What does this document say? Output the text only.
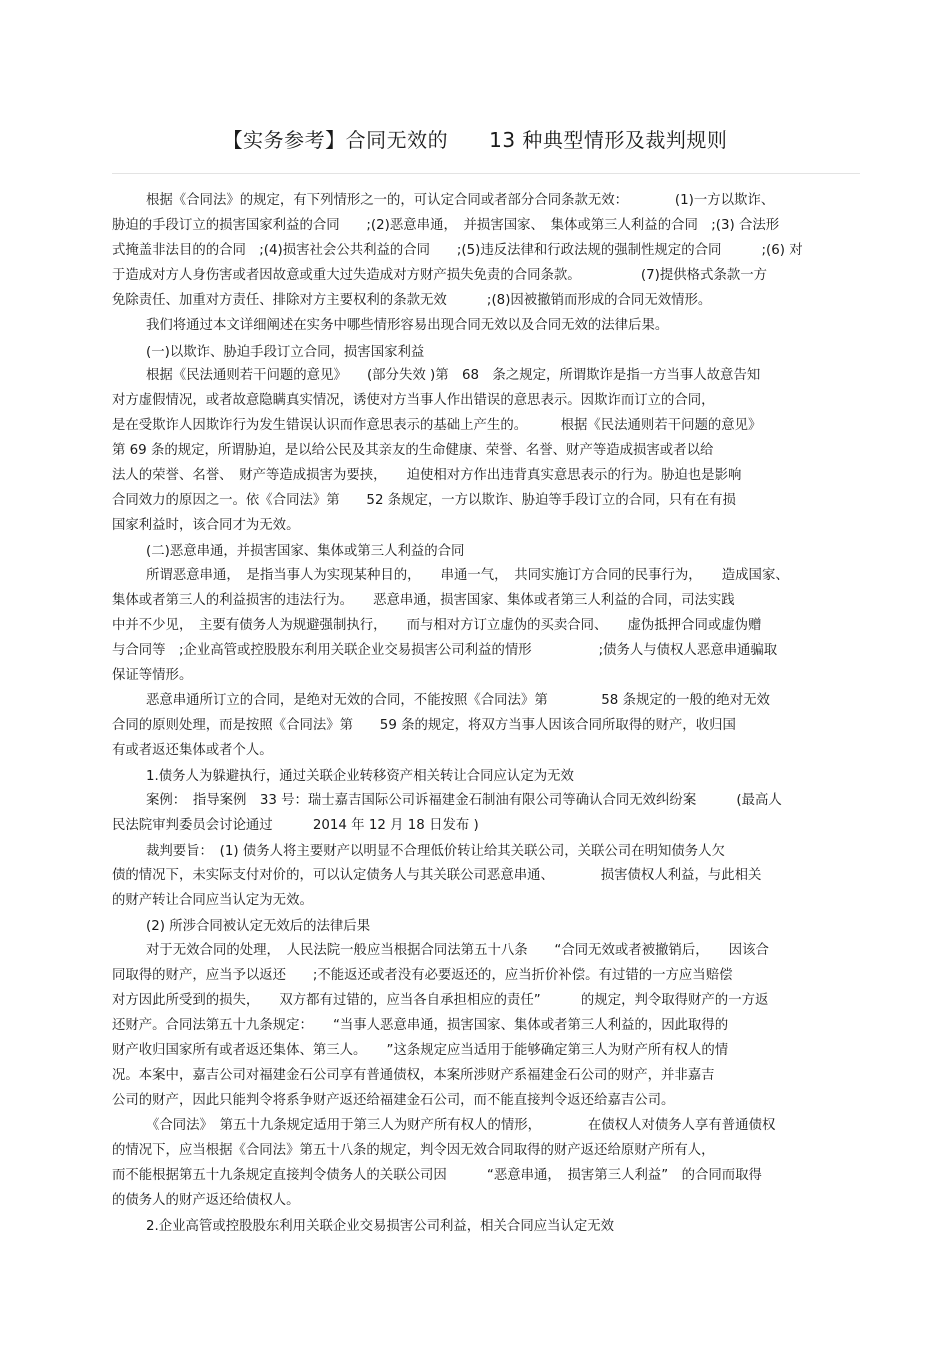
【实务参考】合同无效的　　13 种典型情形及裁判规则
根据《合同法》的规定，有下列情形之一的，可认定合同或者部分合同条款无效：　　　　(1)一方以欺诈、
胁迫的手段订立的损害国家利益的合同　　;(2)恶意串通，　并损害国家、　集体或第三人利益的合同　;(3) 合法形
式掩盖非法目的的合同　;(4)损害社会公共利益的合同　　;(5)违反法律和行政法规的强制性规定的合同　　　;(6) 对
于造成对方人身伤害或者因故意或重大过失造成对方财产损失免责的合同条款。　　　　　(7)提供格式条款一方
免除责任、加重对方责任、排除对方主要权利的条款无效　　　;(8)因被撤销而形成的合同无效情形。
我们将通过本文详细阐述在实务中哪些情形容易出现合同无效以及合同无效的法律后果。
(一)以欺诈、胁迫手段订立合同，损害国家利益
根据《民法通则若干问题的意见》　　(部分失效 )第　68　条之规定，所谓欺诈是指一方当事人故意告知
对方虚假情况，或者故意隐瞒真实情况，诱使对方当事人作出错误的意思表示。因欺诈而订立的合同，
是在受欺诈人因欺诈行为发生错误认识而作意思表示的基础上产生的。　　　根据《民法通则若干问题的意见》
第 69 条的规定，所谓胁迫，是以给公民及其亲友的生命健康、荣誉、名誉、财产等造成损害或者以给
法人的荣誉、名誉、　财产等造成损害为要挟，　　迫使相对方作出违背真实意思表示的行为。胁迫也是影响
合同效力的原因之一。依《合同法》第　　52 条规定，一方以欺诈、胁迫等手段订立的合同，只有在有损
国家利益时，该合同才为无效。
(二)恶意串通，并损害国家、集体或第三人利益的合同
所谓恶意串通，　是指当事人为实现某种目的，　　串通一气，　共同实施订方合同的民事行为，　　造成国家、
集体或者第三人的利益损害的违法行为。　　恶意串通，损害国家、集体或者第三人利益的合同，司法实践
中并不少见，　主要有债务人为规避强制执行，　　而与相对方订立虚伪的买卖合同、　　虚伪抵押合同或虚伪赠
与合同等　;企业高管或控股股东利用关联企业交易损害公司利益的情形　　　　　;债务人与债权人恶意串通骗取
保证等情形。
恶意串通所订立的合同，是绝对无效的合同，不能按照《合同法》第　　　　58 条规定的一般的绝对无效
合同的原则处理，而是按照《合同法》第　　59 条的规定，将双方当事人因该合同所取得的财产，收归国
有或者返还集体或者个人。
1.债务人为躲避执行，通过关联企业转移资产相关转让合同应认定为无效
案例：　指导案例　33 号：瑞士嘉吉国际公司诉福建金石制油有限公司等确认合同无效纠纷案　　　(最高人
民法院审判委员会讨论通过　　　2014 年 12 月 18 日发布 )
裁判要旨：　(1) 债务人将主要财产以明显不合理低价转让给其关联公司，关联公司在明知债务人欠
债的情况下，未实际支付对价的，可以认定债务人与其关联公司恶意串通、　　　　损害债权人利益，与此相关
的财产转让合同应当认定为无效。
(2) 所涉合同被认定无效后的法律后果
对于无效合同的处理，　人民法院一般应当根据合同法第五十八条　　“合同无效或者被撤销后，　　因该合
同取得的财产，应当予以返还　　;不能返还或者没有必要返还的，应当折价补偿。有过错的一方应当赔偿
对方因此所受到的损失，　　双方都有过错的，应当各自承担相应的责任”　　　的规定，判令取得财产的一方返
还财产。合同法第五十九条规定：　　“当事人恶意串通，损害国家、集体或者第三人利益的，因此取得的
财产收归国家所有或者返还集体、第三人。　　”这条规定应当适用于能够确定第三人为财产所有权人的情
况。本案中，嘉吉公司对福建金石公司享有普通债权，本案所涉财产系福建金石公司的财产，并非嘉吉
公司的财产，因此只能判令将系争财产返还给福建金石公司，而不能直接判令返还给嘉吉公司。
《合同法》　第五十九条规定适用于第三人为财产所有权人的情形，　　　　在债权人对债务人享有普通债权
的情况下，应当根据《合同法》第五十八条的规定，判令因无效合同取得的财产返还给原财产所有人，
而不能根据第五十九条规定直接判令债务人的关联公司因　　　“恶意串通，　损害第三人利益”　的合同而取得
的债务人的财产返还给债权人。
2.企业高管或控股股东利用关联企业交易损害公司利益，相关合同应当认定无效
